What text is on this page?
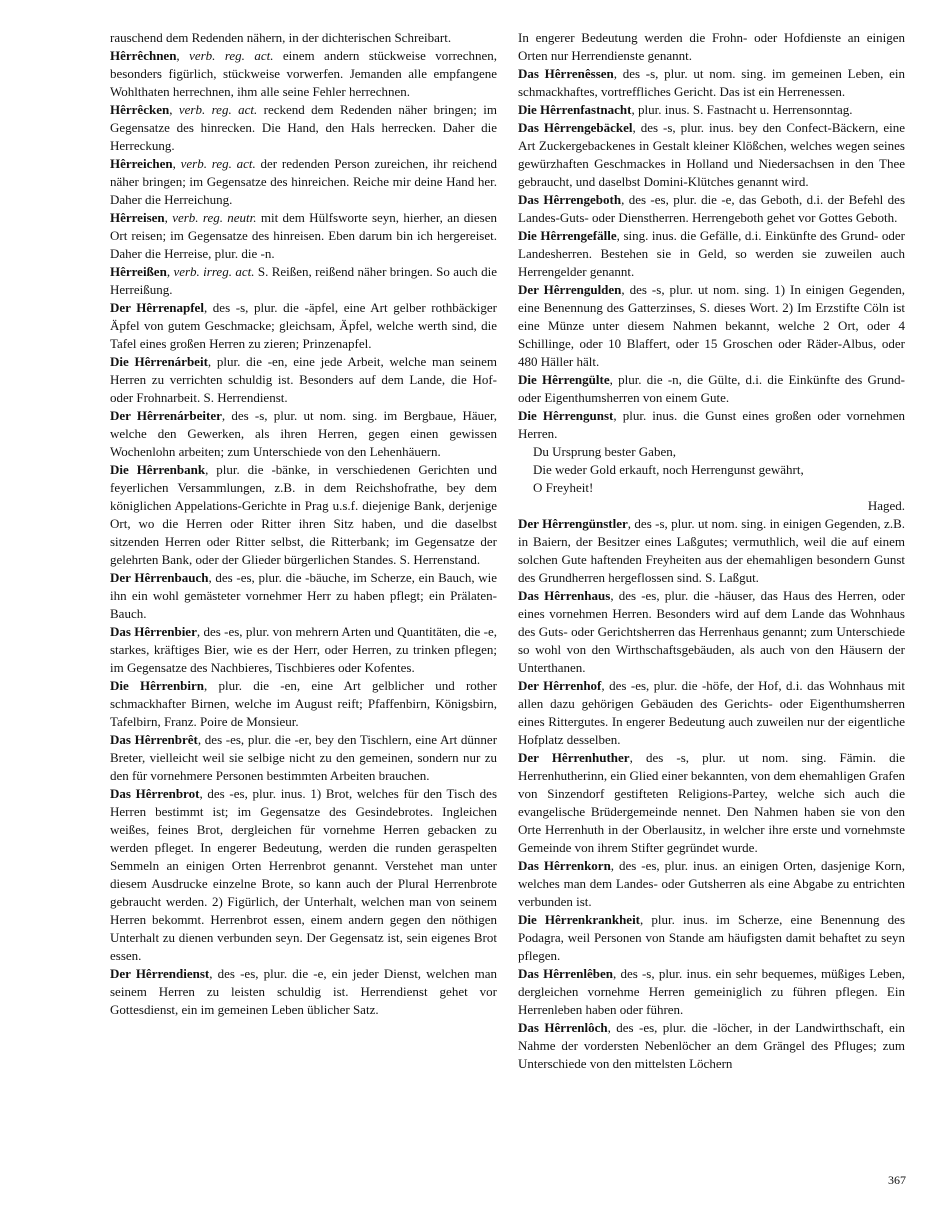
rauschend dem Redenden nähern, in der dichterischen Schreibart.

Hêrrêchnen, verb. reg. act. einem andern stückweise vorrechnen, besonders figürlich, stückweise vorwerfen. Jemanden alle empfangene Wohlthaten herrechnen, ihm alle seine Fehler herrechnen.

Hêrrêcken, verb. reg. act. reckend dem Redenden näher bringen; im Gegensatze des hinrecken. Die Hand, den Hals herrecken. Daher die Herreckung.

Hêrreichen, verb. reg. act. der redenden Person zureichen, ihr reichend näher bringen; im Gegensatze des hinreichen. Reiche mir deine Hand her. Daher die Herreichung.

Hêrreisen, verb. reg. neutr. mit dem Hülfsworte seyn, hierher, an diesen Ort reisen; im Gegensatze des hinreisen. Eben darum bin ich hergereiset. Daher die Herreise, plur. die -n.

Hêrreißen, verb. irreg. act. S. Reißen, reißend näher bringen. So auch die Herreißung.

Der Hêrrenapfel, des -s, plur. die -äpfel, eine Art gelber rothbäckiger Äpfel von gutem Geschmacke; gleichsam, Äpfel, welche werth sind, die Tafel eines großen Herren zu zieren; Prinzenapfel.

Die Hêrrenárbeit, plur. die -en, eine jede Arbeit, welche man seinem Herren zu verrichten schuldig ist. Besonders auf dem Lande, die Hof- oder Frohnarbeit. S. Herrendienst.

Der Hêrrenárbeiter, des -s, plur. ut nom. sing. im Bergbaue, Häuer, welche den Gewerken, als ihren Herren, gegen einen gewissen Wochenlohn arbeiten; zum Unterschiede von den Lehenhäuern.

Die Hêrrenbank, plur. die -bänke, in verschiedenen Gerichten und feyerlichen Versammlungen, z.B. in dem Reichshofrathe, bey dem königlichen Appelations-Gerichte in Prag u.s.f. diejenige Bank, derjenige Ort, wo die Herren oder Ritter ihren Sitz haben, und die daselbst sitzenden Herren oder Ritter selbst, die Ritterbank; im Gegensatze der gelehrten Bank, oder der Glieder bürgerlichen Standes. S. Herrenstand.

Der Hêrrenbauch, des -es, plur. die -bäuche, im Scherze, ein Bauch, wie ihn ein wohl gemästeter vornehmer Herr zu haben pflegt; ein Prälaten-Bauch.

Das Hêrrenbier, des -es, plur. von mehrern Arten und Quantitäten, die -e, starkes, kräftiges Bier, wie es der Herr, oder Herren, zu trinken pflegen; im Gegensatze des Nachbieres, Tischbieres oder Kofentes.

Die Hêrrenbirn, plur. die -en, eine Art gelblicher und rother schmackhafter Birnen, welche im August reift; Pfaffenbirn, Königsbirn, Tafelbirn, Franz. Poire de Monsieur.

Das Hêrrenbrêt, des -es, plur. die -er, bey den Tischlern, eine Art dünner Breter, vielleicht weil sie selbige nicht zu den gemeinen, sondern nur zu den für vornehmere Personen bestimmten Arbeiten brauchen.

Das Hêrrenbrot, des -es, plur. inus. 1) Brot, welches für den Tisch des Herren bestimmt ist; im Gegensatze des Gesindebrotes. Ingleichen weißes, feines Brot, dergleichen für vornehme Herren gebacken zu werden pfleget. In engerer Bedeutung, werden die runden geraspelten Semmeln an einigen Orten Herrenbrot genannt. Verstehet man unter diesem Ausdrucke einzelne Brote, so kann auch der Plural Herrenbrote gebraucht werden. 2) Figürlich, der Unterhalt, welchen man von seinem Herren bekommt. Herrenbrot essen, einem andern gegen den nöthigen Unterhalt zu dienen verbunden seyn. Der Gegensatz ist, sein eigenes Brot essen.

Der Hêrrendienst, des -es, plur. die -e, ein jeder Dienst, welchen man seinem Herren zu leisten schuldig ist. Herrendienst gehet vor Gottesdienst, ein im gemeinen Leben üblicher Satz.

In engerer Bedeutung werden die Frohn- oder Hofdienste an einigen Orten nur Herrendienste genannt.

Das Hêrrenêssen, des -s, plur. ut nom. sing. im gemeinen Leben, ein schmackhaftes, vortreffliches Gericht. Das ist ein Herrenessen.

Die Hêrrenfastnacht, plur. inus. S. Fastnacht u. Herrensonntag.

Das Hêrrengebäckel, des -s, plur. inus. bey den Confect-Bäckern, eine Art Zuckergebackenes in Gestalt kleiner Klößchen, welches wegen seines gewürzhaften Geschmackes in Holland und Niedersachsen in den Thee gebraucht, und daselbst Domini-Klütches genannt wird.

Das Hêrrengeboth, des -es, plur. die -e, das Geboth, d.i. der Befehl des Landes-Guts- oder Dienstherren. Herrengeboth gehet vor Gottes Geboth.

Die Hêrrengefälle, sing. inus. die Gefälle, d.i. Einkünfte des Grund- oder Landesherren. Bestehen sie in Geld, so werden sie zuweilen auch Herrengelder genannt.

Der Hêrrengulden, des -s, plur. ut nom. sing. 1) In einigen Gegenden, eine Benennung des Gatterzinses, S. dieses Wort. 2) Im Erzstifte Cöln ist eine Münze unter diesem Nahmen bekannt, welche 2 Ort, oder 4 Schillinge, oder 10 Blaffert, oder 15 Groschen oder Räder-Albus, oder 480 Häller hält.

Die Hêrrengülte, plur. die -n, die Gülte, d.i. die Einkünfte des Grund- oder Eigenthumsherren von einem Gute.

Die Hêrrengunst, plur. inus. die Gunst eines großen oder vornehmen Herren.

Du Ursprung bester Gaben,
Die weder Gold erkauft, noch Herrengunst gewährt,
O Freyheit!

Haged.

Der Hêrrengünstler, des -s, plur. ut nom. sing. in einigen Gegenden, z.B. in Baiern, der Besitzer eines Laßgutes; vermuthlich, weil die auf einem solchen Gute haftenden Freyheiten aus der ehemahligen besondern Gunst des Grundherren hergeflossen sind. S. Laßgut.

Das Hêrrenhaus, des -es, plur. die -häuser, das Haus des Herren, oder eines vornehmen Herren. Besonders wird auf dem Lande das Wohnhaus des Guts- oder Gerichtsherren das Herrenhaus genannt; zum Unterschiede so wohl von den Wirthschaftsgebäuden, als auch von den Häusern der Unterthanen.

Der Hêrrenhof, des -es, plur. die -höfe, der Hof, d.i. das Wohnhaus mit allen dazu gehörigen Gebäuden des Gerichts- oder Eigenthumsherren eines Rittergutes. In engerer Bedeutung auch zuweilen nur der eigentliche Hofplatz desselben.

Der Hêrrenhuther, des -s, plur. ut nom. sing. Fämin. die Herrenhutherinn, ein Glied einer bekannten, von dem ehemahligen Grafen von Sinzendorf gestifteten Religions-Partey, welche sich auch die evangelische Brüdergemeinde nennet. Den Nahmen haben sie von den Orte Herrenhuth in der Oberlausitz, in welcher ihre erste und vornehmste Gemeinde von ihrem Stifter gegründet wurde.

Das Hêrrenkorn, des -es, plur. inus. an einigen Orten, dasjenige Korn, welches man dem Landes- oder Gutsherren als eine Abgabe zu entrichten verbunden ist.

Die Hêrrenkrankheit, plur. inus. im Scherze, eine Benennung des Podagra, weil Personen von Stande am häufigsten damit behaftet zu seyn pflegen.

Das Hêrrenlêben, des -s, plur. inus. ein sehr bequemes, müßiges Leben, dergleichen vornehme Herren gemeiniglich zu führen pflegen. Ein Herrenleben haben oder führen.

Das Hêrrenlôch, des -es, plur. die -löcher, in der Landwirthschaft, ein Nahme der vordersten Nebenlöcher an dem Grängel des Pfluges; zum Unterschiede von den mittelsten Löchern

367
